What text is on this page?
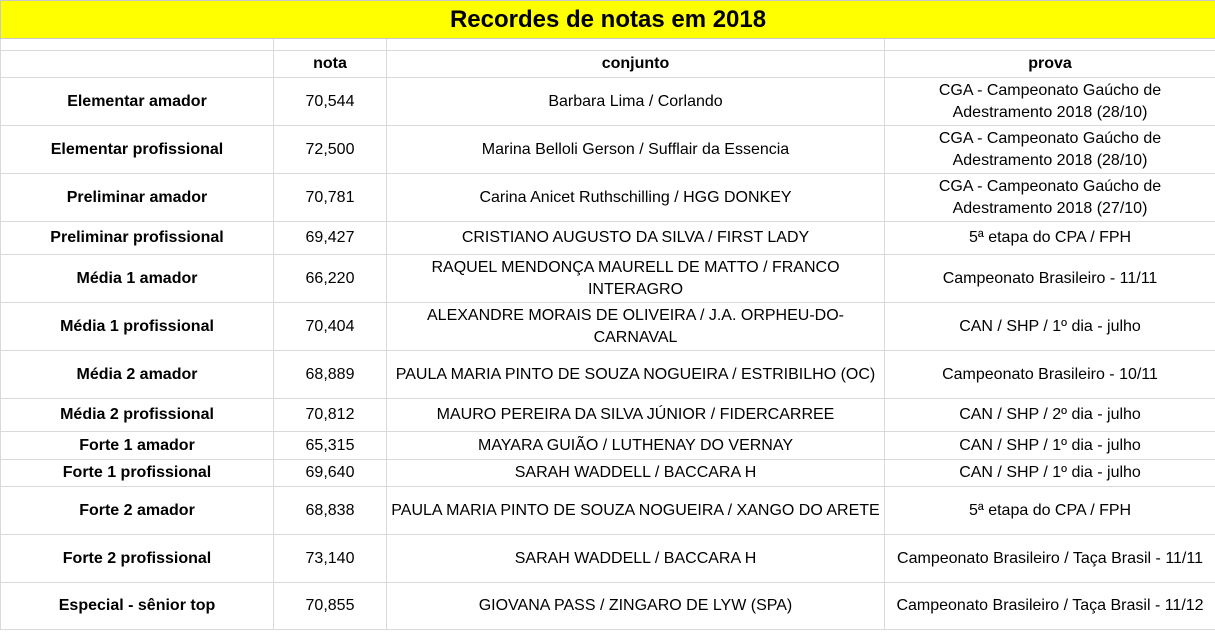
Recordes de notas em 2018			

	nota	conjunto	prova
Elementar amador	70,544	Barbara Lima / Corlando	CGA - Campeonato Gaúcho de Adestramento 2018 (28/10)
Elementar profissional	72,500	Marina Belloli Gerson / Sufflair da Essencia	CGA - Campeonato Gaúcho de Adestramento 2018 (28/10)
Preliminar amador	70,781	Carina Anicet Ruthschilling / HGG DONKEY	CGA - Campeonato Gaúcho de Adestramento 2018 (27/10)
Preliminar profissional	69,427	CRISTIANO AUGUSTO DA SILVA / FIRST LADY	5ª etapa do CPA / FPH
Média 1 amador	66,220	RAQUEL MENDONÇA MAURELL DE MATTO / FRANCO INTERAGRO	Campeonato Brasileiro - 11/11
Média 1 profissional	70,404	ALEXANDRE MORAIS DE OLIVEIRA / J.A. ORPHEU-DO-CARNAVAL	CAN / SHP / 1º dia - julho
Média 2 amador	68,889	PAULA MARIA PINTO DE SOUZA NOGUEIRA / ESTRIBILHO (OC)	Campeonato Brasileiro - 10/11
Média 2 profissional	70,812	MAURO PEREIRA DA SILVA JÚNIOR / FIDERCARREE	CAN / SHP / 2º dia - julho
Forte 1 amador	65,315	MAYARA GUIÃO / LUTHENAY DO VERNAY	CAN / SHP / 1º dia - julho
Forte 1 profissional	69,640	SARAH WADDELL / BACCARA H	CAN / SHP / 1º dia - julho
Forte 2 amador	68,838	PAULA MARIA PINTO DE SOUZA NOGUEIRA / XANGO DO ARETE	5ª etapa do CPA / FPH
Forte 2 profissional	73,140	SARAH WADDELL / BACCARA H	Campeonato Brasileiro / Taça Brasil - 11/11
Especial - sênior top	70,855	GIOVANA PASS / ZINGARO DE LYW (SPA)	Campeonato Brasileiro / Taça Brasil - 11/12
